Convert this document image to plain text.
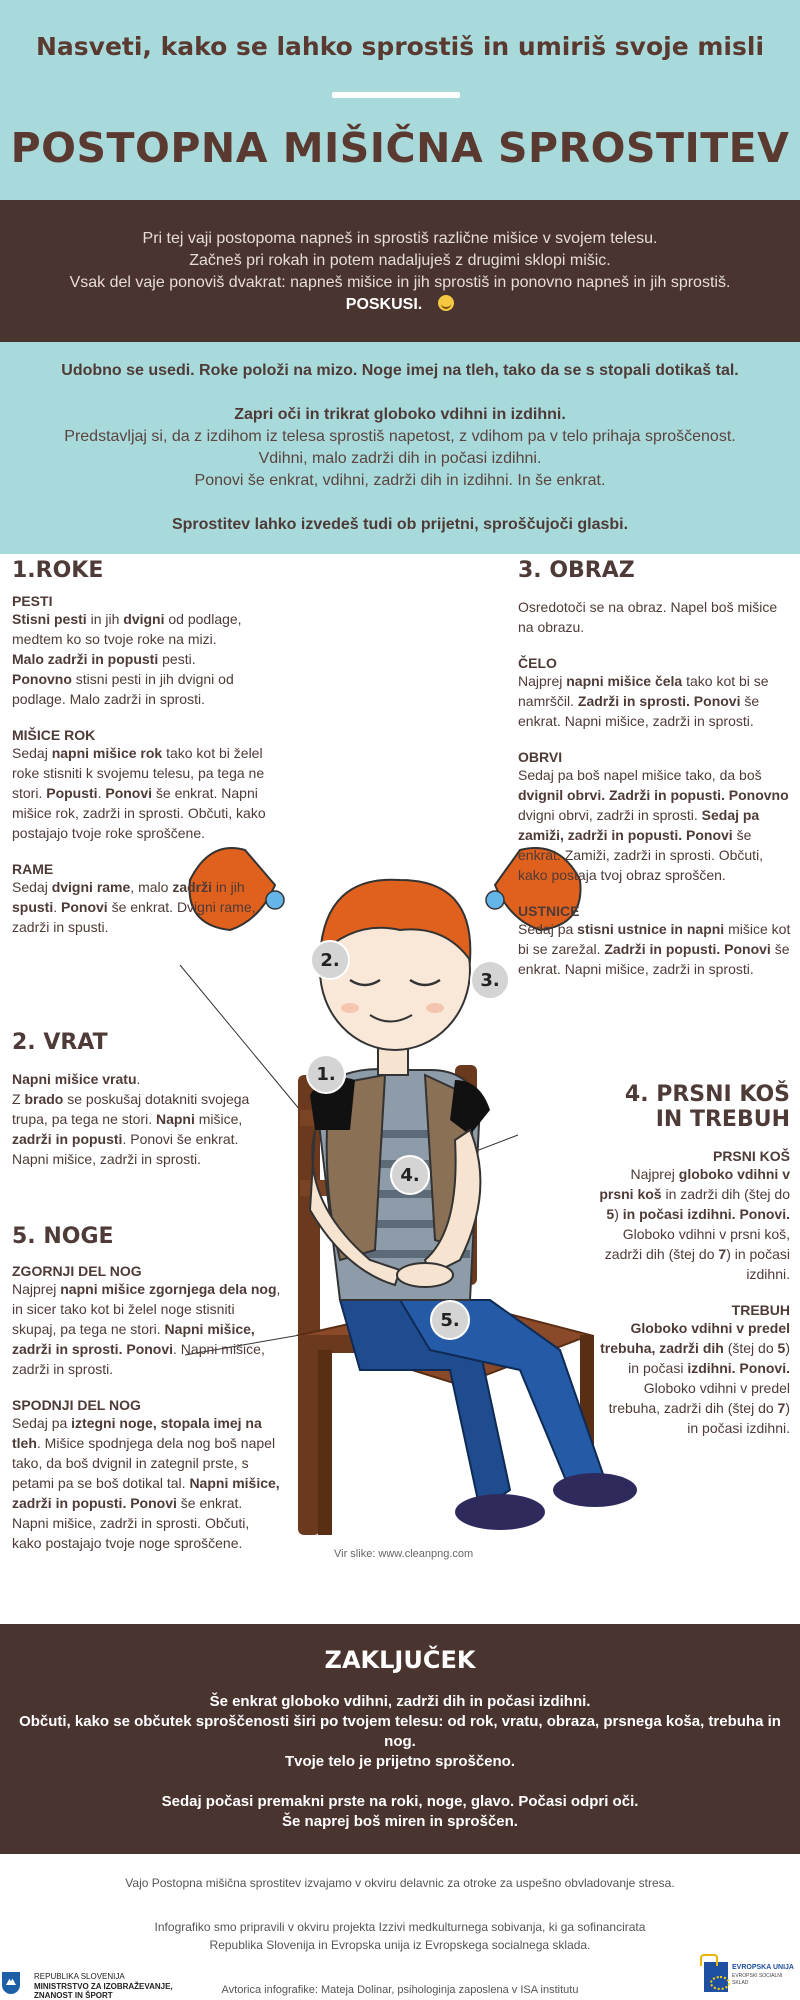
Nasveti, kako se lahko sprostiš in umiriš svoje misli
POSTOPNA MIŠIČNA SPROSTITEV
Pri tej vaji postopoma napneš in sprostiš različne mišice v svojem telesu.
Začneš pri rokah in potem nadaljuješ z drugimi sklopi mišic.
Vsak del vaje ponoviš dvakrat: napneš mišice in jih sprostiš in ponovno napneš in jih sprostiš.
POSKUSI.
Udobno se usedi. Roke položi na mizo. Noge imej na tleh, tako da se s stopali dotikaš tal.
Zapri oči in trikrat globoko vdihni in izdihni.
Predstavljaj si, da z izdihom iz telesa sprostiš napetost, z vdihom pa v telo prihaja sproščenost.
Vdihni, malo zadrži dih in počasi izdihni.
Ponovi še enkrat, vdihni, zadrži dih in izdihni. In še enkrat.
Sprostitev lahko izvedeš tudi ob prijetni, sproščujoči glasbi.
1.
2.
3.
4.
5.
Vir slike: www.cleanpng.com
1.ROKE
PESTI
Stisni pesti in jih dvigni od podlage, medtem ko so tvoje roke na mizi.
Malo zadrži in popusti pesti.
Ponovno stisni pesti in jih dvigni od podlage. Malo zadrži in sprosti.
MIŠICE ROK
Sedaj napni mišice rok tako kot bi želel roke stisniti k svojemu telesu, pa tega ne stori. Popusti. Ponovi še enkrat. Napni mišice rok, zadrži in sprosti. Občuti, kako postajajo tvoje roke sproščene.
RAME
Sedaj dvigni rame, malo zadrži in jih spusti. Ponovi še enkrat. Dvigni rame, zadrži in spusti.
3. OBRAZ
Osredotoči se na obraz. Napel boš mišice na obrazu.
ČELO
Najprej napni mišice čela tako kot bi se namrščil. Zadrži in sprosti. Ponovi še enkrat. Napni mišice, zadrži in sprosti.
OBRVI
Sedaj pa boš napel mišice tako, da boš dvignil obrvi. Zadrži in popusti. Ponovno dvigni obrvi, zadrži in sprosti. Sedaj pa zamiži, zadrži in popusti. Ponovi še enkrat. Zamiži, zadrži in sprosti. Občuti, kako postaja tvoj obraz sproščen.
USTNICE
Sedaj pa stisni ustnice in napni mišice kot bi se zarežal. Zadrži in popusti. Ponovi še enkrat. Napni mišice, zadrži in sprosti.
2. VRAT
Napni mišice vratu.
Z brado se poskušaj dotakniti svojega trupa, pa tega ne stori. Napni mišice, zadrži in popusti. Ponovi še enkrat. Napni mišice, zadrži in sprosti.
4. PRSNI KOŠ
IN TREBUH
PRSNI KOŠ
Najprej globoko vdihni v prsni koš in zadrži dih (štej do 5) in počasi izdihni. Ponovi. Globoko vdihni v prsni koš, zadrži dih (štej do 7) in počasi izdihni.
TREBUH
Globoko vdihni v predel trebuha, zadrži dih (štej do 5) in počasi izdihni. Ponovi. Globoko vdihni v predel trebuha, zadrži dih (štej do 7) in počasi izdihni.
5. NOGE
ZGORNJI DEL NOG
Najprej napni mišice zgornjega dela nog, in sicer tako kot bi želel noge stisniti skupaj, pa tega ne stori. Napni mišice, zadrži in sprosti. Ponovi. Napni mišice, zadrži in sprosti.
SPODNJI DEL NOG
Sedaj pa iztegni noge, stopala imej na tleh. Mišice spodnjega dela nog boš napel tako, da boš dvignil in zategnil prste, s petami pa se boš dotikal tal. Napni mišice, zadrži in popusti. Ponovi še enkrat. Napni mišice, zadrži in sprosti. Občuti, kako postajajo tvoje noge sproščene.
ZAKLJUČEK
Še enkrat globoko vdihni, zadrži dih in počasi izdihni.
Občuti, kako se občutek sproščenosti širi po tvojem telesu: od rok, vratu, obraza, prsnega koša, trebuha in nog.
Tvoje telo je prijetno sproščeno.
Sedaj počasi premakni prste na roki, noge, glavo. Počasi odpri oči.
Še naprej boš miren in sproščen.
Vajo Postopna mišična sprostitev izvajamo v okviru delavnic za otroke za uspešno obvladovanje stresa.
Infografiko smo pripravili v okviru projekta Izzivi medkulturnega sobivanja, ki ga sofinancirata
Republika Slovenija in Evropska unija iz Evropskega socialnega sklada.
REPUBLIKA SLOVENIJA
MINISTRSTVO ZA IZOBRAŽEVANJE,
ZNANOST IN ŠPORT	Avtorica infografike: Mateja Dolinar, psihologinja zaposlena v ISA institutu
EVROPSKA UNIJA
EVROPSKI SOCIALNI SKLAD
